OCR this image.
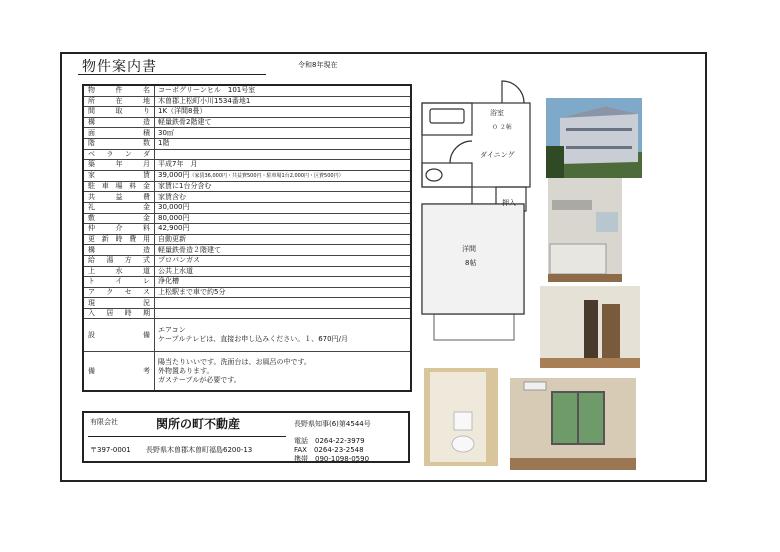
物件案内書	令和8年現在
物件名	コーポグリーンヒル　101号室
所在地	木曽郡上松町小川1534番地1
間取り	1K（洋間8畳）
構造	軽量鉄骨2階建て
面積	30㎡
階数	1階
ベランダ	
築年月	平成7年　月
家賃	39,000円（家賃36,000円・共益費500円・駐車場1台2,000円・区費500円）
駐車場料金	家賃に1台分含む
共益費	家賃含む
礼金	30,000円
敷金	80,000円
仲介料	42,900円
更新時費用	自動更新
構造	軽量鉄骨造２階建て
給湯方式	プロパンガス
上水道	公共上水道
トイレ	浄化槽
アクセス	上松駅まで車で約5分
現況	
入居時期	
設備	エアコン
ケーブルテレビは、直接お申し込みください。１、670円/月

備考	陽当たりいいです。洗面台は、お風呂の中です。
外物置あります。
ガステーブルが必要です。
有限会社	関所の町不動産	長野県知事(6)第4544号
〒397-0001 長野県木曽郡木曽町福島6200-13
電話　0264-22-3979
FAX　0264-23-2548
携帯　090-1098-0590
浴室
０ ２帖
ダイニング
押入
洋間
8帖
